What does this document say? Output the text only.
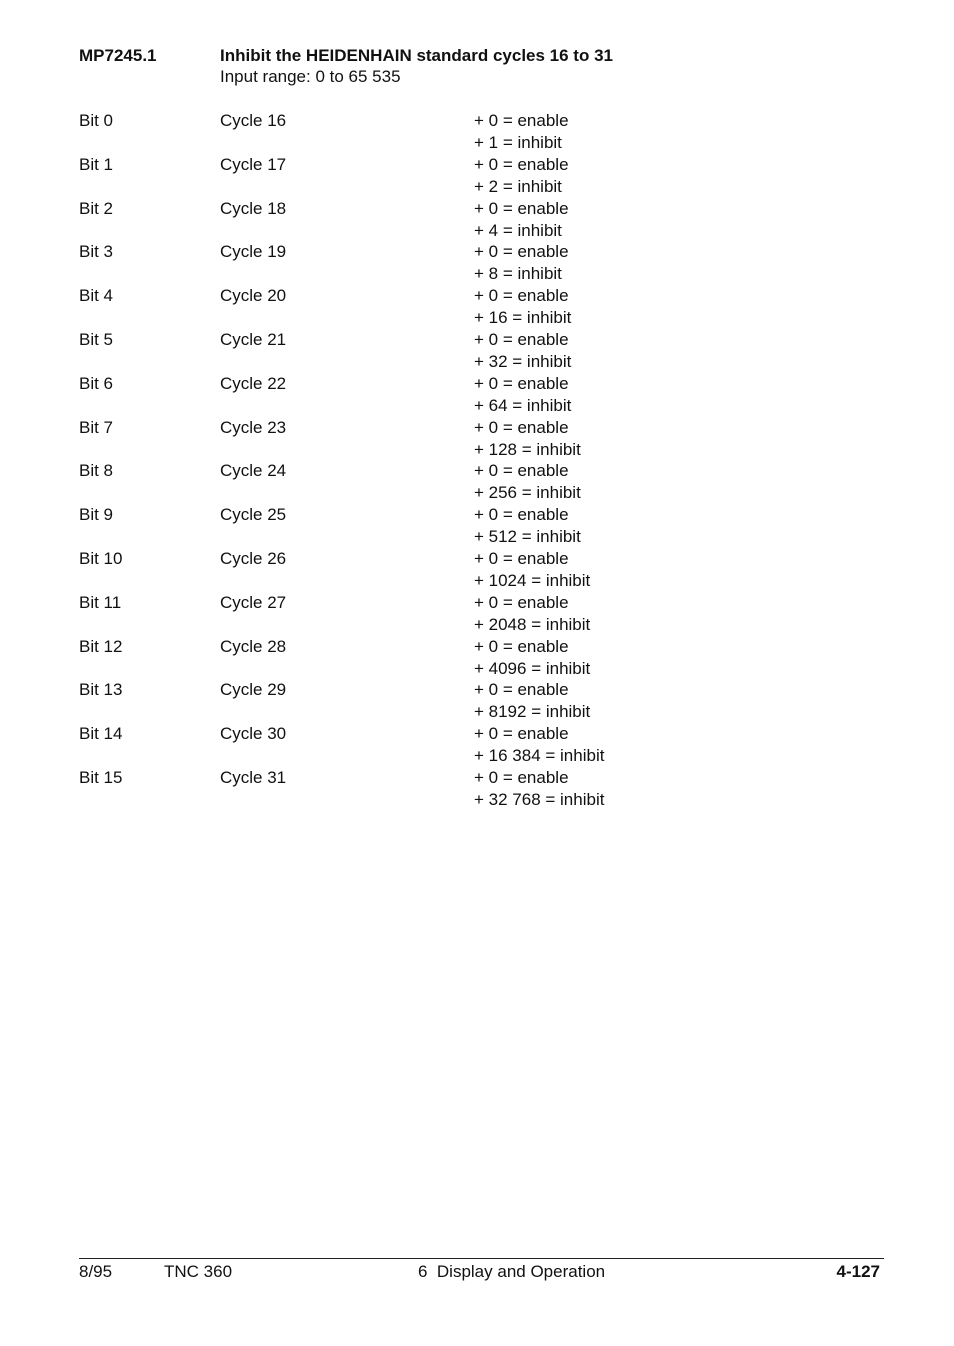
MP7245.1	Inhibit the HEIDENHAIN standard cycles 16 to 31
Input range: 0 to 65 535
Bit 0	Cycle 16	+ 0 = enable
+ 1 = inhibit
Bit 1	Cycle 17	+ 0 = enable
+ 2 = inhibit
Bit 2	Cycle 18	+ 0 = enable
+ 4 = inhibit
Bit 3	Cycle 19	+ 0 = enable
+ 8 = inhibit
Bit 4	Cycle 20	+ 0 = enable
+ 16 = inhibit
Bit 5	Cycle 21	+ 0 = enable
+ 32 = inhibit
Bit 6	Cycle 22	+ 0 = enable
+ 64 = inhibit
Bit 7	Cycle 23	+ 0 = enable
+ 128 = inhibit
Bit 8	Cycle 24	+ 0 = enable
+ 256 = inhibit
Bit 9	Cycle 25	+ 0 = enable
+ 512 = inhibit
Bit 10	Cycle 26	+ 0 = enable
+ 1024 = inhibit
Bit 11	Cycle 27	+ 0 = enable
+ 2048 = inhibit
Bit 12	Cycle 28	+ 0 = enable
+ 4096 = inhibit
Bit 13	Cycle 29	+ 0 = enable
+ 8192 = inhibit
Bit 14	Cycle 30	+ 0 = enable
+ 16 384 = inhibit
Bit 15	Cycle 31	+ 0 = enable
+ 32 768 = inhibit
8/95	TNC 360	6  Display and Operation	4-127
